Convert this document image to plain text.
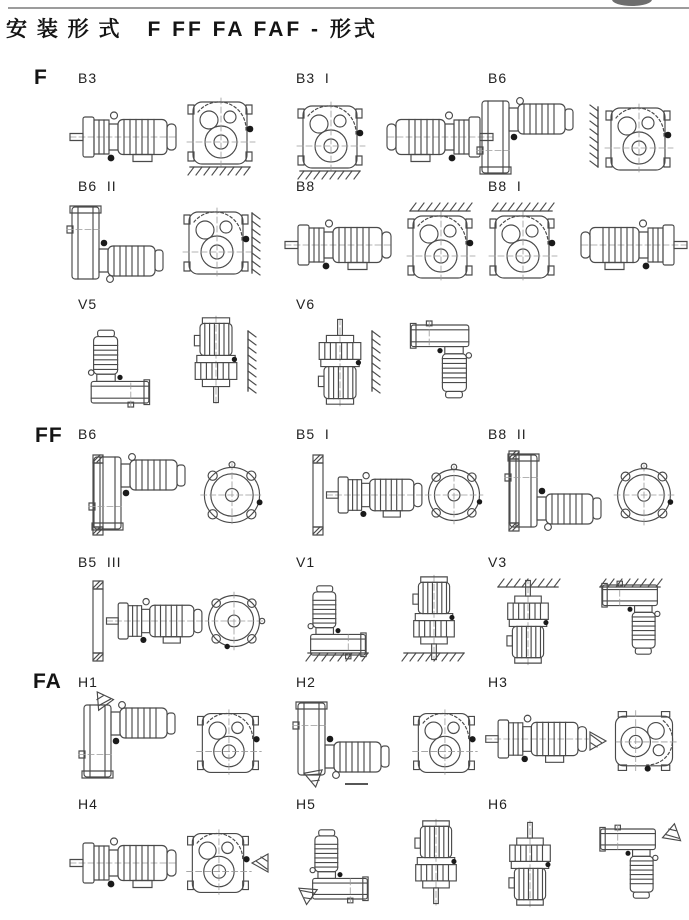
安 装 形 式 F FF FA FAF - 形式
F B3	B3  I	B6
B6  II	B8	B8  I
V5	V6
FF B6	B5  I	B8  II
B5  III	V1	V3
FA H1	H2	H3
H4	H5	H6
